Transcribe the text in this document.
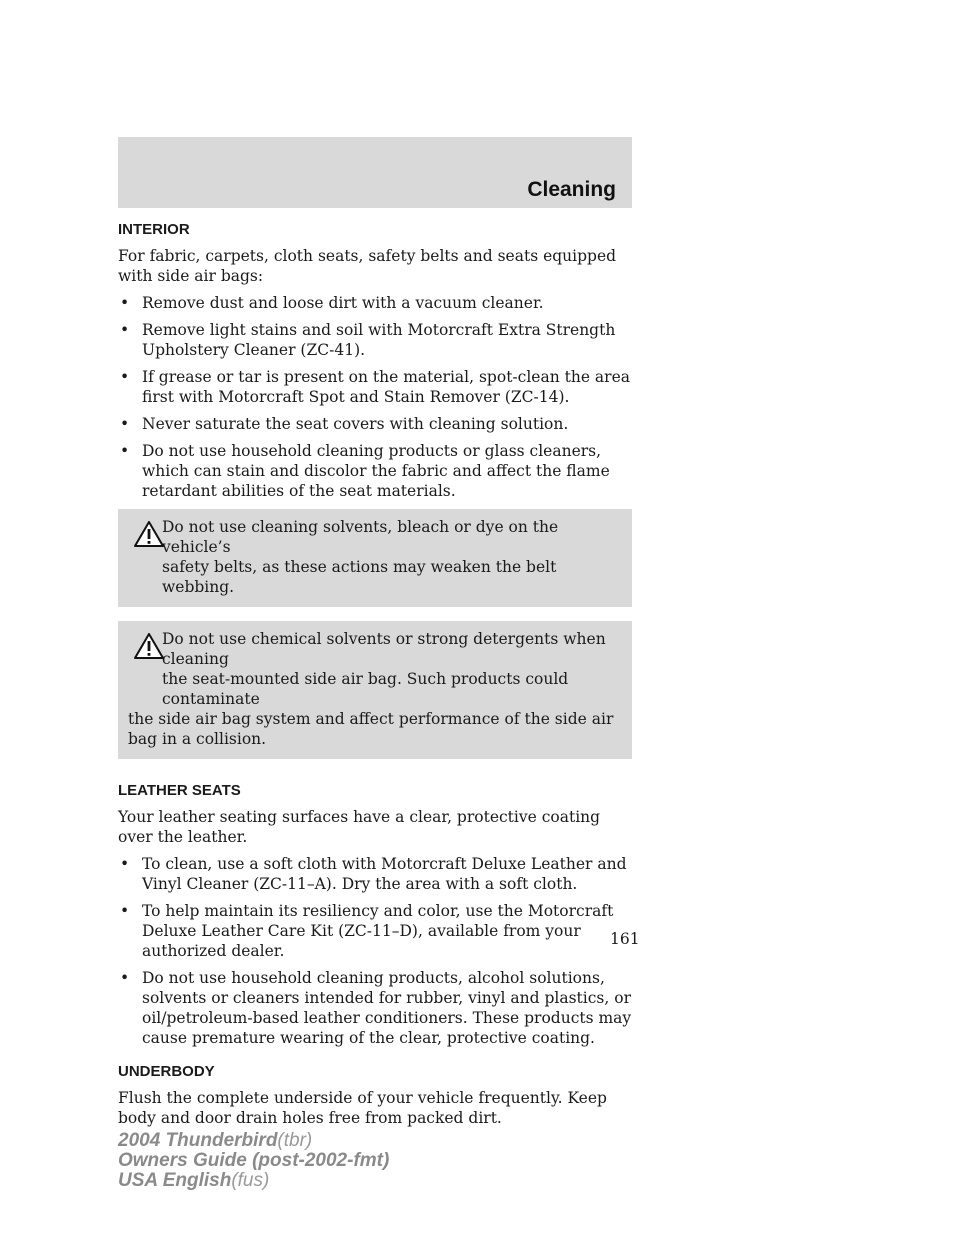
Cleaning
INTERIOR

For fabric, carpets, cloth seats, safety belts and seats equipped with side air bags:

• Remove dust and loose dirt with a vacuum cleaner.
• Remove light stains and soil with Motorcraft Extra Strength Upholstery Cleaner (ZC-41).
• If grease or tar is present on the material, spot-clean the area first with Motorcraft Spot and Stain Remover (ZC-14).
• Never saturate the seat covers with cleaning solution.
• Do not use household cleaning products or glass cleaners, which can stain and discolor the fabric and affect the flame retardant abilities of the seat materials.
Do not use cleaning solvents, bleach or dye on the vehicle’s
safety belts, as these actions may weaken the belt webbing.
Do not use chemical solvents or strong detergents when cleaning
the seat-mounted side air bag. Such products could contaminate
the side air bag system and affect performance of the side air bag in a collision.
LEATHER SEATS

Your leather seating surfaces have a clear, protective coating over the leather.

• To clean, use a soft cloth with Motorcraft Deluxe Leather and Vinyl Cleaner (ZC-11–A). Dry the area with a soft cloth.
• To help maintain its resiliency and color, use the Motorcraft Deluxe Leather Care Kit (ZC-11–D), available from your authorized dealer.
• Do not use household cleaning products, alcohol solutions, solvents or cleaners intended for rubber, vinyl and plastics, or oil/petroleum-based leather conditioners. These products may cause premature wearing of the clear, protective coating.
UNDERBODY

Flush the complete underside of your vehicle frequently. Keep body and door drain holes free from packed dirt.

161
2004 Thunderbird(tbr)
Owners Guide (post-2002-fmt)
USA English(fus)
